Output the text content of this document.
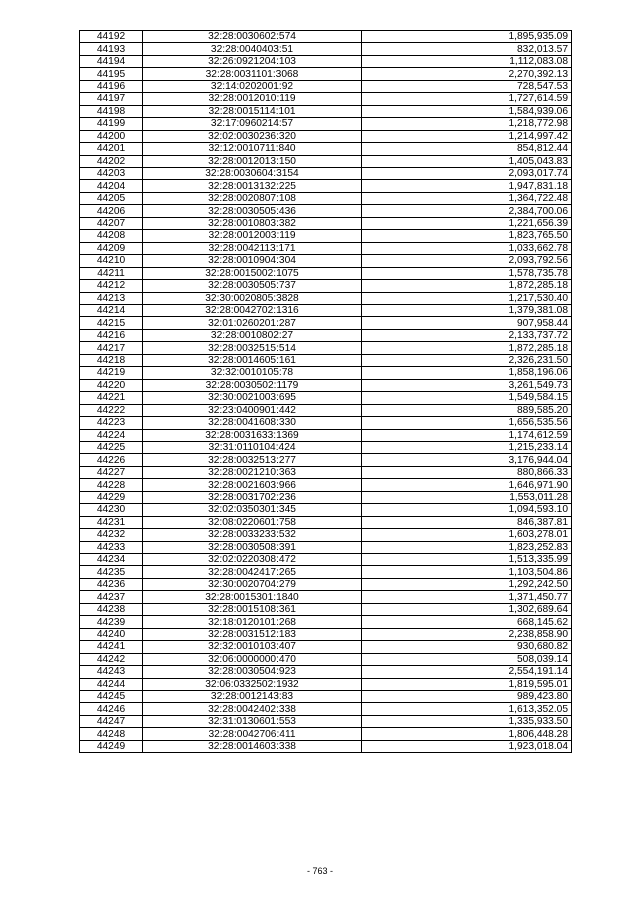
44192	32:28:0030602:574	1,895,935.09
44193	32:28:0040403:51	832,013.57
44194	32:26:0921204:103	1,112,083.08
44195	32:28:0031101:3068	2,270,392.13
44196	32:14:0202001:92	728,547.53
44197	32:28:0012010:119	1,727,614.59
44198	32:28:0015114:101	1,584,939.06
44199	32:17:0960214:57	1,218,772.98
44200	32:02:0030236:320	1,214,997.42
44201	32:12:0010711:840	854,812.44
44202	32:28:0012013:150	1,405,043.83
44203	32:28:0030604:3154	2,093,017.74
44204	32:28:0013132:225	1,947,831.18
44205	32:28:0020807:108	1,364,722.48
44206	32:28:0030505:436	2,384,700.06
44207	32:28:0010803:382	1,221,656.39
44208	32:28:0012003:119	1,823,765.50
44209	32:28:0042113:171	1,033,662.78
44210	32:28:0010904:304	2,093,792.56
44211	32:28:0015002:1075	1,578,735.78
44212	32:28:0030505:737	1,872,285.18
44213	32:30:0020805:3828	1,217,530.40
44214	32:28:0042702:1316	1,379,381.08
44215	32:01:0260201:287	907,958.44
44216	32:28:0010802:27	2,133,737.72
44217	32:28:0032515:514	1,872,285.18
44218	32:28:0014605:161	2,326,231.50
44219	32:32:0010105:78	1,858,196.06
44220	32:28:0030502:1179	3,261,549.73
44221	32:30:0021003:695	1,549,584.15
44222	32:23:0400901:442	889,585.20
44223	32:28:0041608:330	1,656,535.56
44224	32:28:0031633:1369	1,174,612.59
44225	32:31:0110104:424	1,215,233.14
44226	32:28:0032513:277	3,176,944.04
44227	32:28:0021210:363	880,866.33
44228	32:28:0021603:966	1,646,971.90
44229	32:28:0031702:236	1,553,011.28
44230	32:02:0350301:345	1,094,593.10
44231	32:08:0220601:758	846,387.81
44232	32:28:0033233:532	1,603,278.01
44233	32:28:0030508:391	1,823,252.83
44234	32:02:0220308:472	1,513,335.99
44235	32:28:0042417:265	1,103,504.86
44236	32:30:0020704:279	1,292,242.50
44237	32:28:0015301:1840	1,371,450.77
44238	32:28:0015108:361	1,302,689.64
44239	32:18:0120101:268	668,145.62
44240	32:28:0031512:183	2,238,858.90
44241	32:32:0010103:407	930,680.82
44242	32:06:0000000:470	508,039.14
44243	32:28:0030504:923	2,554,191.14
44244	32:06:0332502:1932	1,819,595.01
44245	32:28:0012143:83	989,423.80
44246	32:28:0042402:338	1,613,352.05
44247	32:31:0130601:553	1,335,933.50
44248	32:28:0042706:411	1,806,448.28
44249	32:28:0014603:338	1,923,018.04
- 763 -
